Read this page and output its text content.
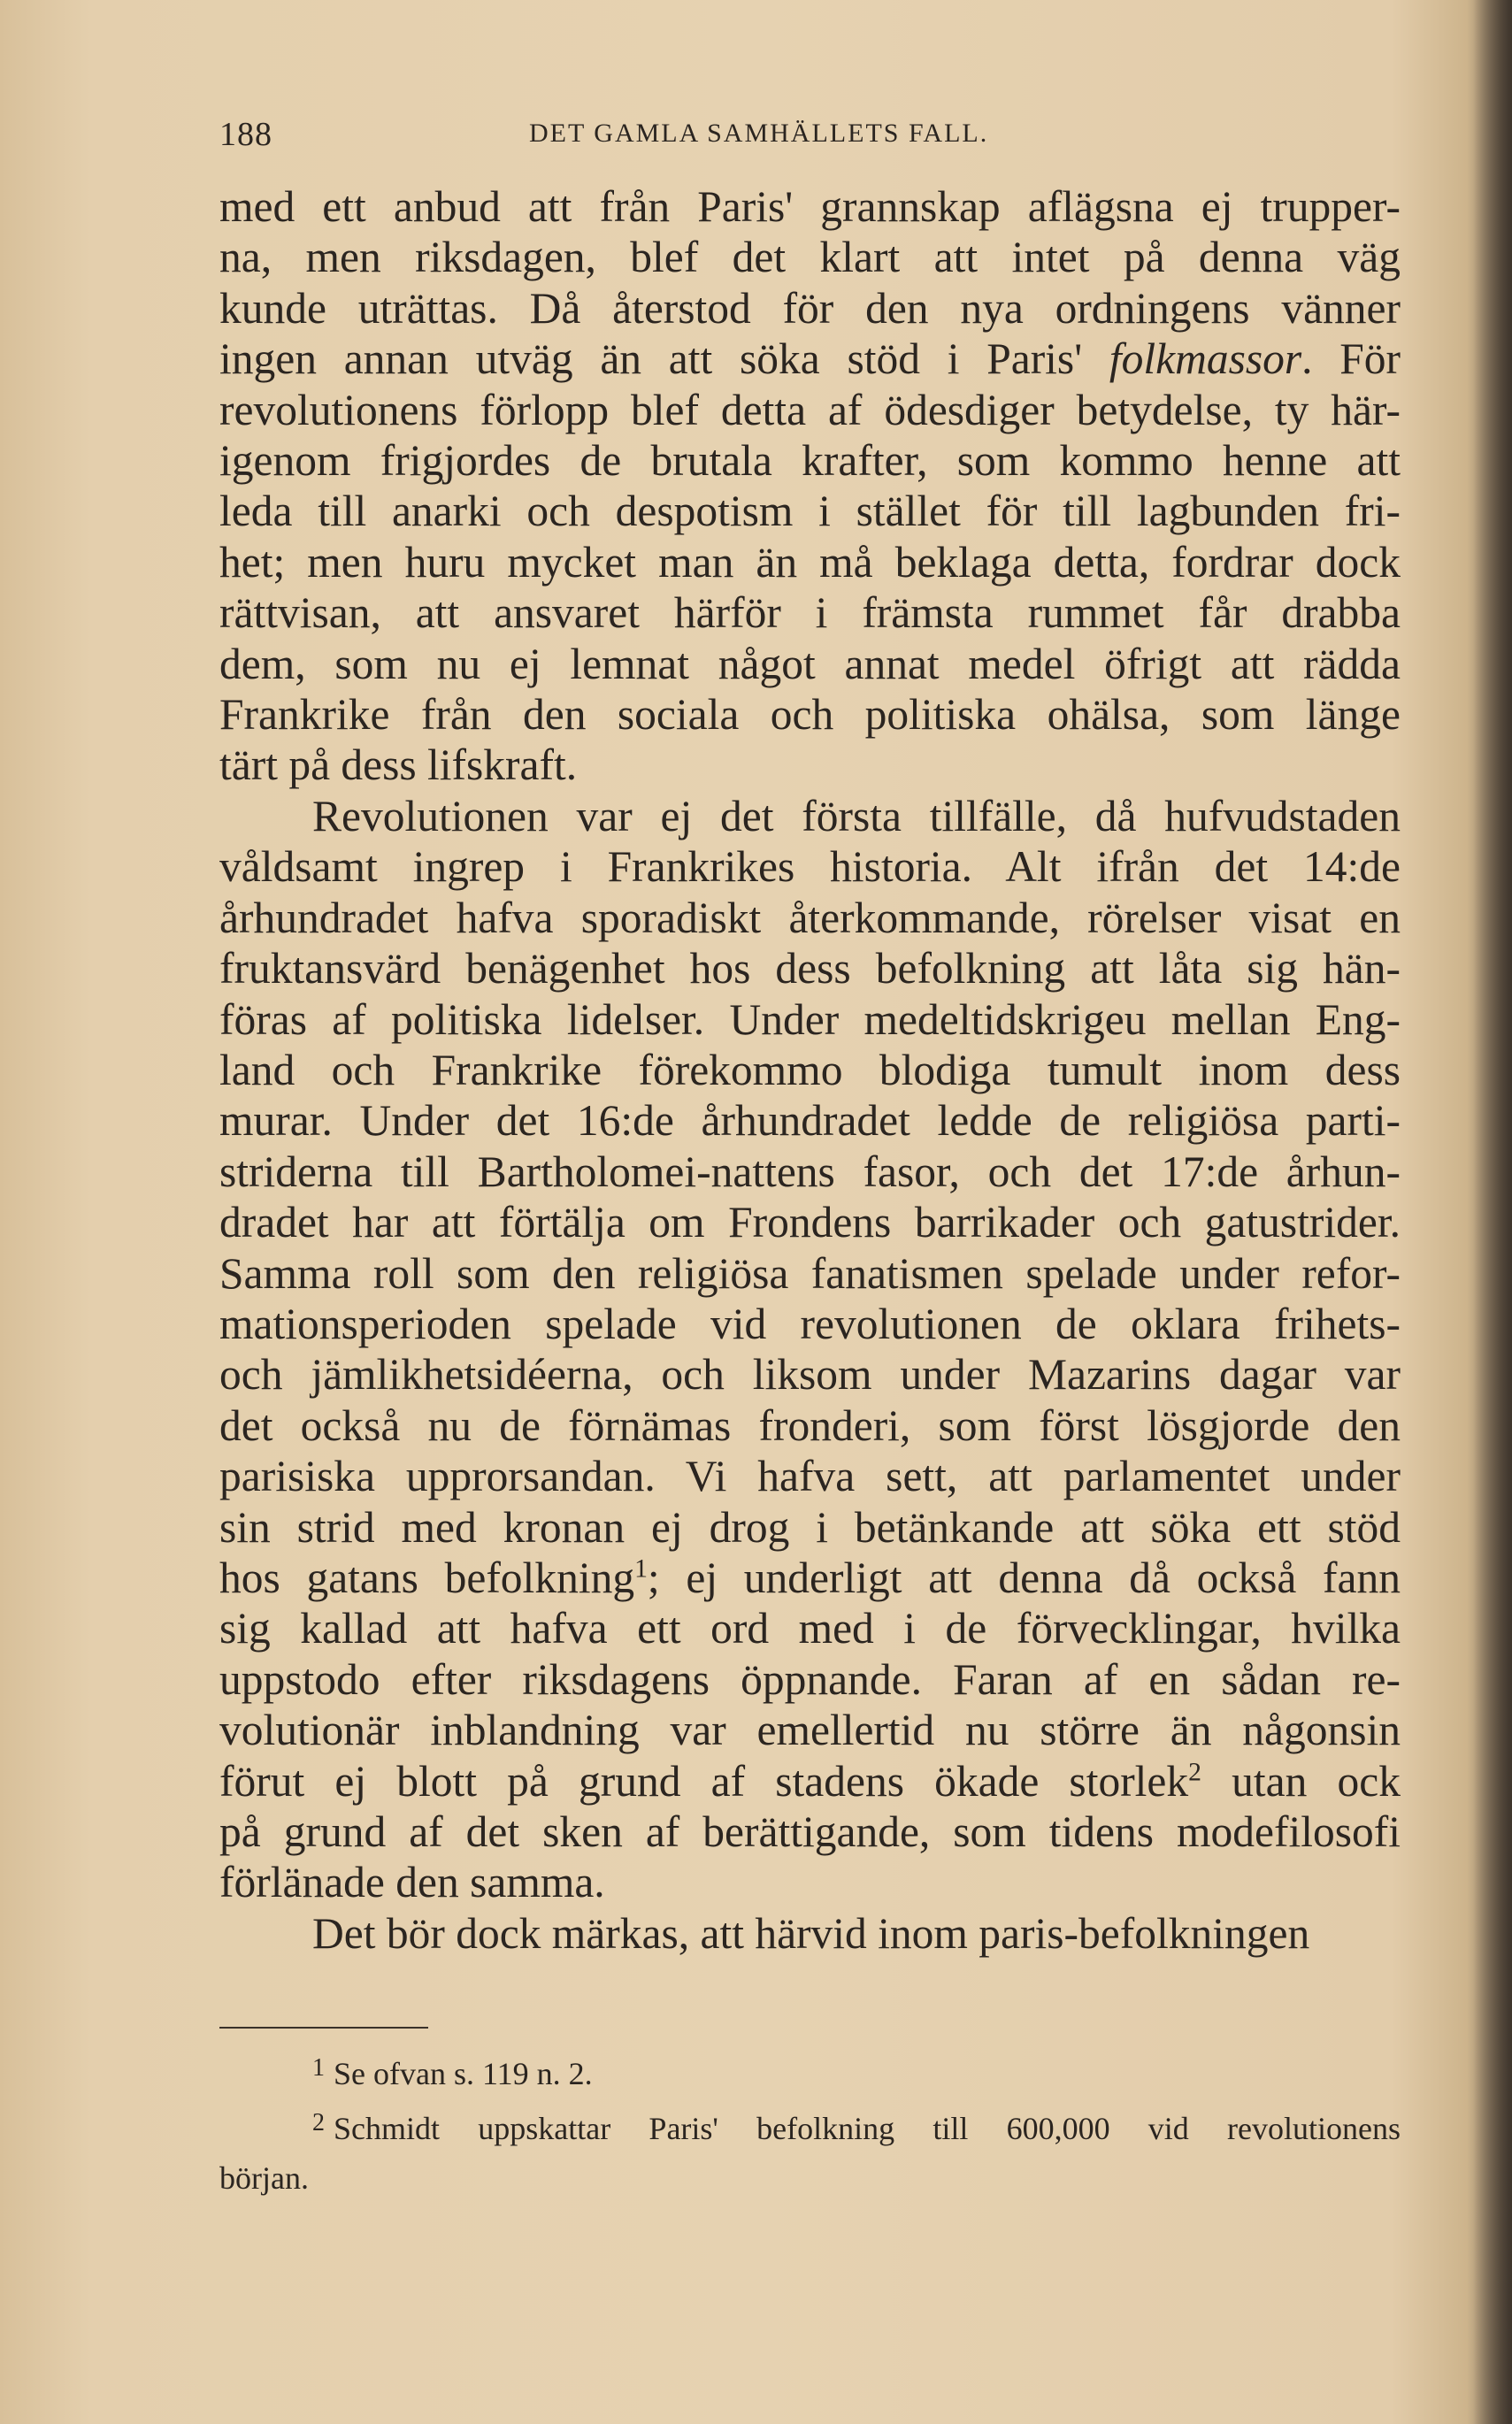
188	DET GAMLA SAMHÄLLETS FALL.
med ett anbud att från Paris' grannskap aflägsna ej trupper-
na, men riksdagen, blef det klart att intet på denna väg
kunde uträttas. Då återstod för den nya ordningens vänner
ingen annan utväg än att söka stöd i Paris' folkmassor. För
revolutionens förlopp blef detta af ödesdiger betydelse, ty här-
igenom frigjordes de brutala krafter, som kommo henne att
leda till anarki och despotism i stället för till lagbunden fri-
het; men huru mycket man än må beklaga detta, fordrar dock
rättvisan, att ansvaret härför i främsta rummet får drabba
dem, som nu ej lemnat något annat medel öfrigt att rädda
Frankrike från den sociala och politiska ohälsa, som länge
tärt på dess lifskraft.
Revolutionen var ej det första tillfälle, då hufvudstaden
våldsamt ingrep i Frankrikes historia. Alt ifrån det 14:de
århundradet hafva sporadiskt återkommande, rörelser visat en
fruktansvärd benägenhet hos dess befolkning att låta sig hän-
föras af politiska lidelser. Under medeltidskrigeu mellan Eng-
land och Frankrike förekommo blodiga tumult inom dess
murar. Under det 16:de århundradet ledde de religiösa parti-
striderna till Bartholomei-nattens fasor, och det 17:de århun-
dradet har att förtälja om Frondens barrikader och gatustrider.
Samma roll som den religiösa fanatismen spelade under refor-
mationsperioden spelade vid revolutionen de oklara frihets-
och jämlikhetsidéerna, och liksom under Mazarins dagar var
det också nu de förnämas fronderi, som först lösgjorde den
parisiska upprorsandan. Vi hafva sett, att parlamentet under
sin strid med kronan ej drog i betänkande att söka ett stöd
hos gatans befolkning$^1$; ej underligt att denna då också fann
sig kallad att hafva ett ord med i de förvecklingar, hvilka
uppstodo efter riksdagens öppnande. Faran af en sådan re-
volutionär inblandning var emellertid nu större än någonsin
förut ej blott på grund af stadens ökade storlek$^2$ utan ock
på grund af det sken af berättigande, som tidens modefilosofi
förlänade den samma.
Det bör dock märkas, att härvid inom paris-befolkningen
$^1$ Se ofvan s. 119 n. 2.
$^2$ Schmidt uppskattar Paris' befolkning till 600,000 vid revolutionens
början.
